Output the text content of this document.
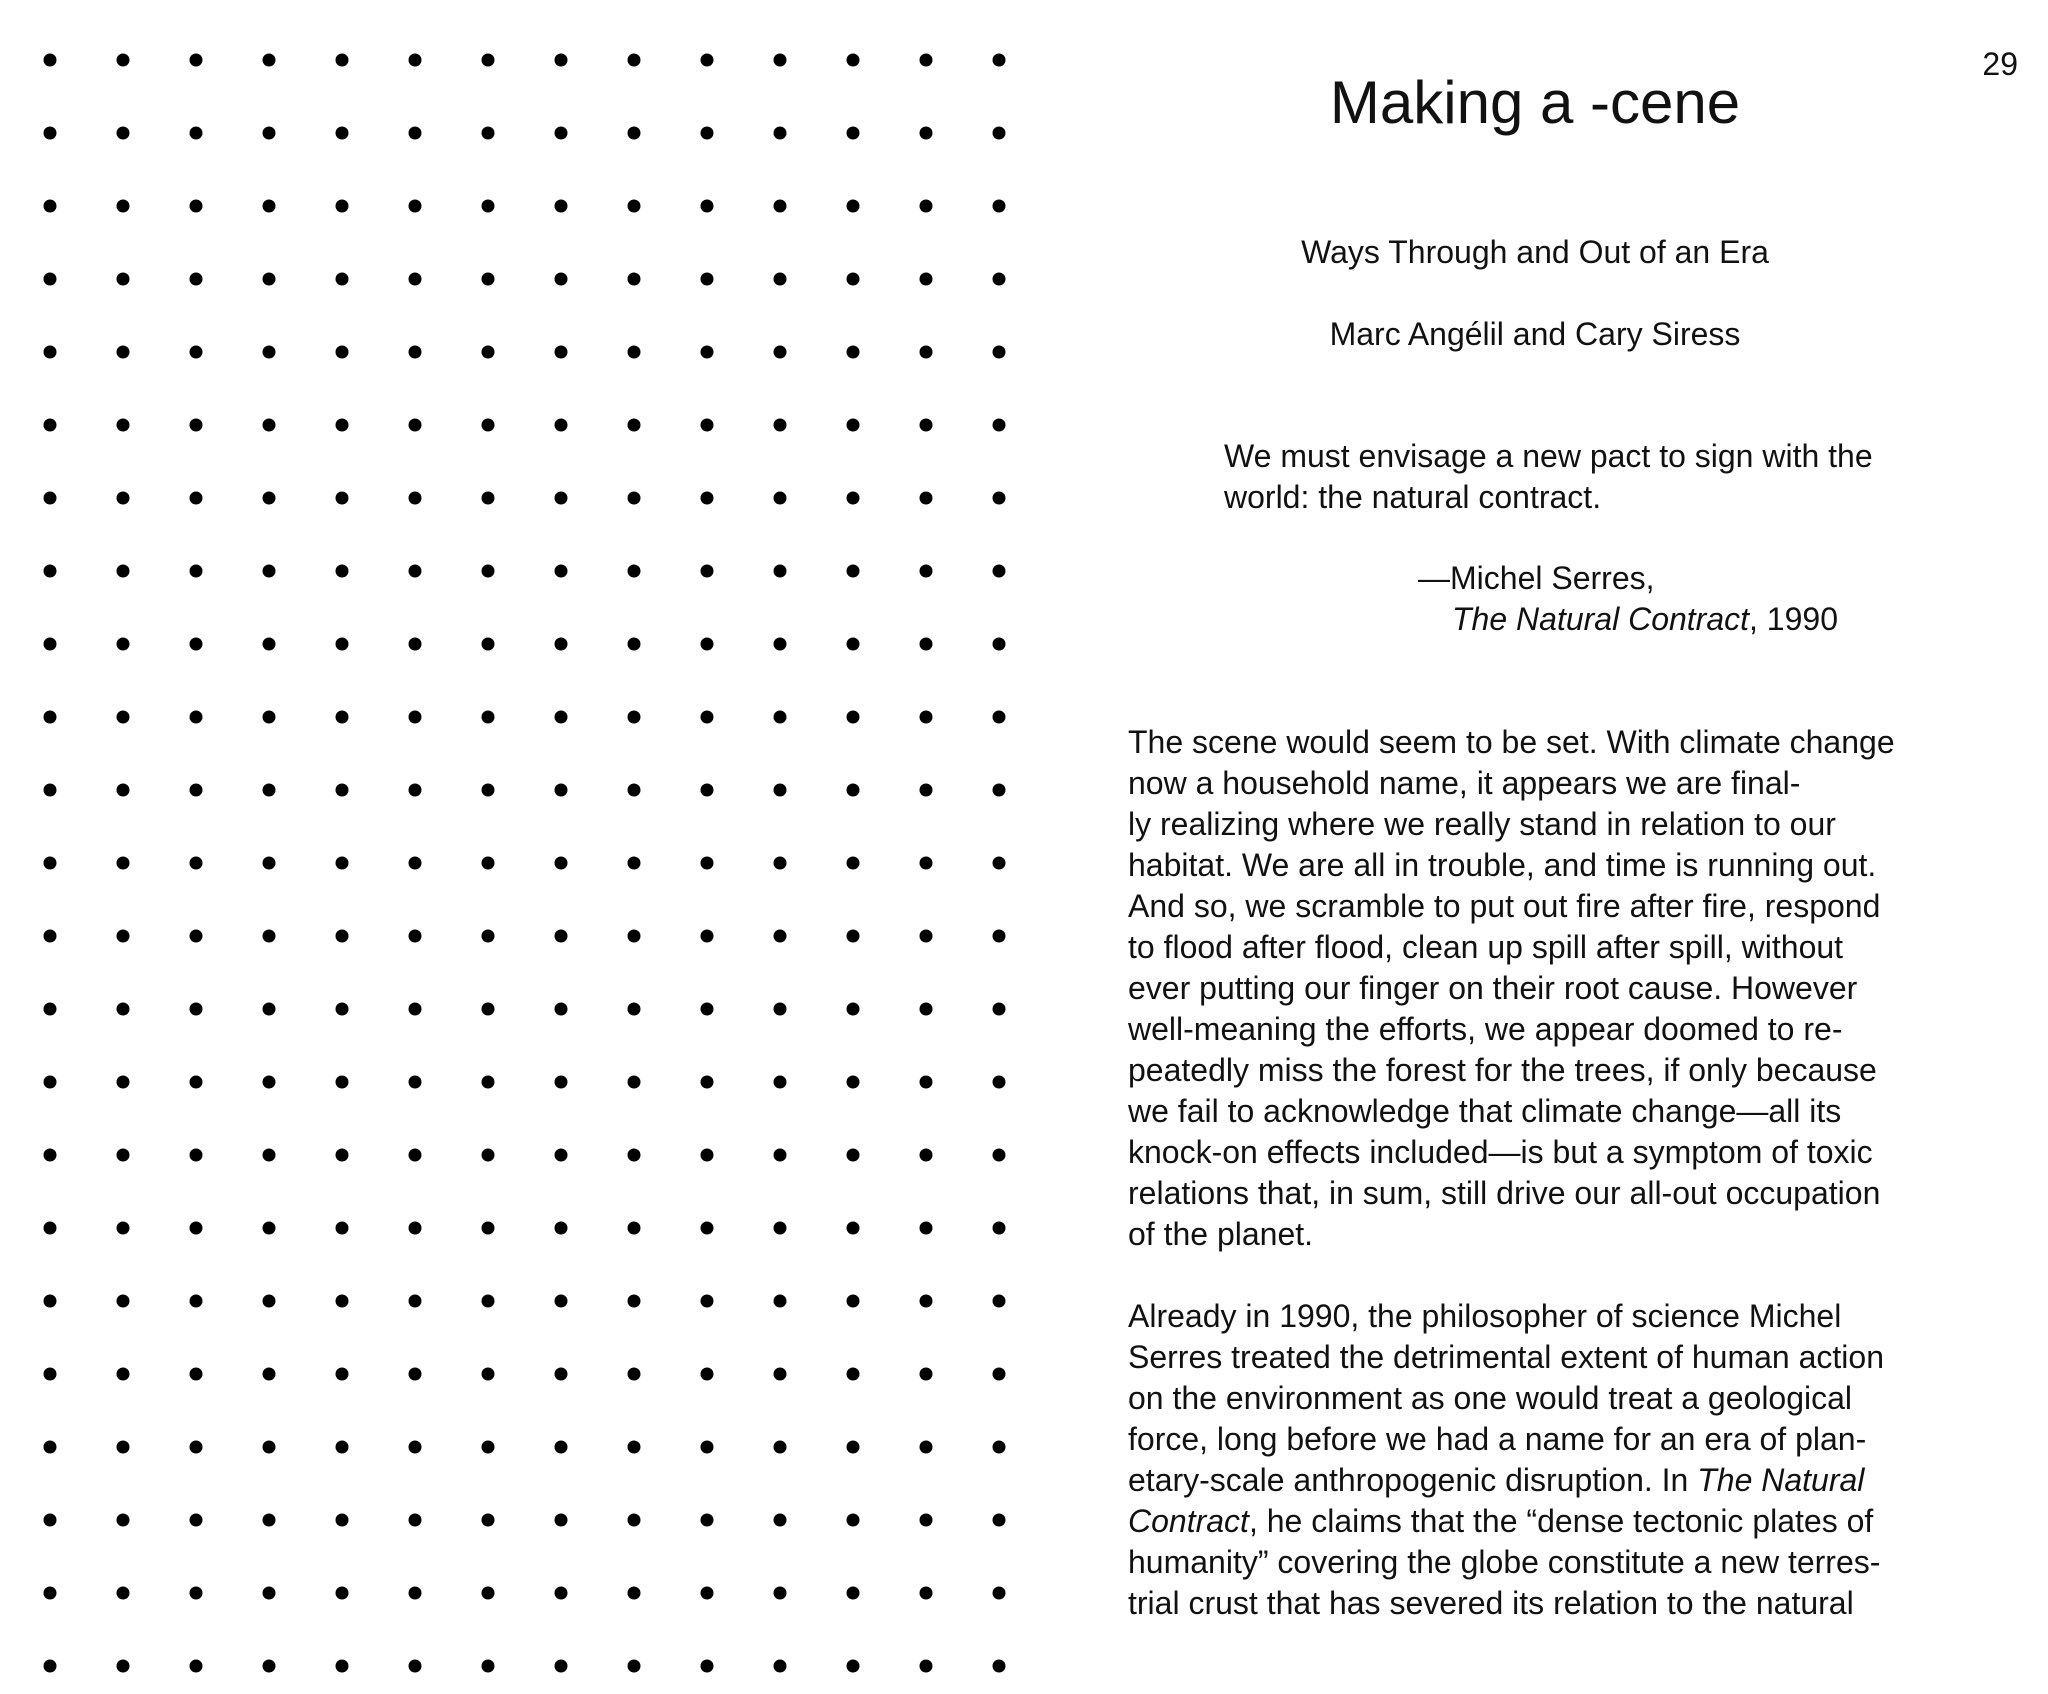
29
Making a -cene
Ways Through and Out of an Era
Marc Angélil and Cary Siress
We must envisage a new pact to sign with the
world: the natural contract.
—Michel Serres,
The Natural Contract, 1990
The scene would seem to be set. With climate change
now a household name, it appears we are final-
ly realizing where we really stand in relation to our
habitat. We are all in trouble, and time is running out.
And so, we scramble to put out fire after fire, respond
to flood after flood, clean up spill after spill, without
ever putting our finger on their root cause. However
well-meaning the efforts, we appear doomed to re-
peatedly miss the forest for the trees, if only because
we fail to acknowledge that climate change—all its
knock-on effects included—is but a symptom of toxic
relations that, in sum, still drive our all-out occupation
of the planet.
Already in 1990, the philosopher of science Michel
Serres treated the detrimental extent of human action
on the environment as one would treat a geological
force, long before we had a name for an era of plan-
etary-scale anthropogenic disruption. In The Natural
Contract, he claims that the “dense tectonic plates of
humanity” covering the globe constitute a new terres-
trial crust that has severed its relation to the natural
